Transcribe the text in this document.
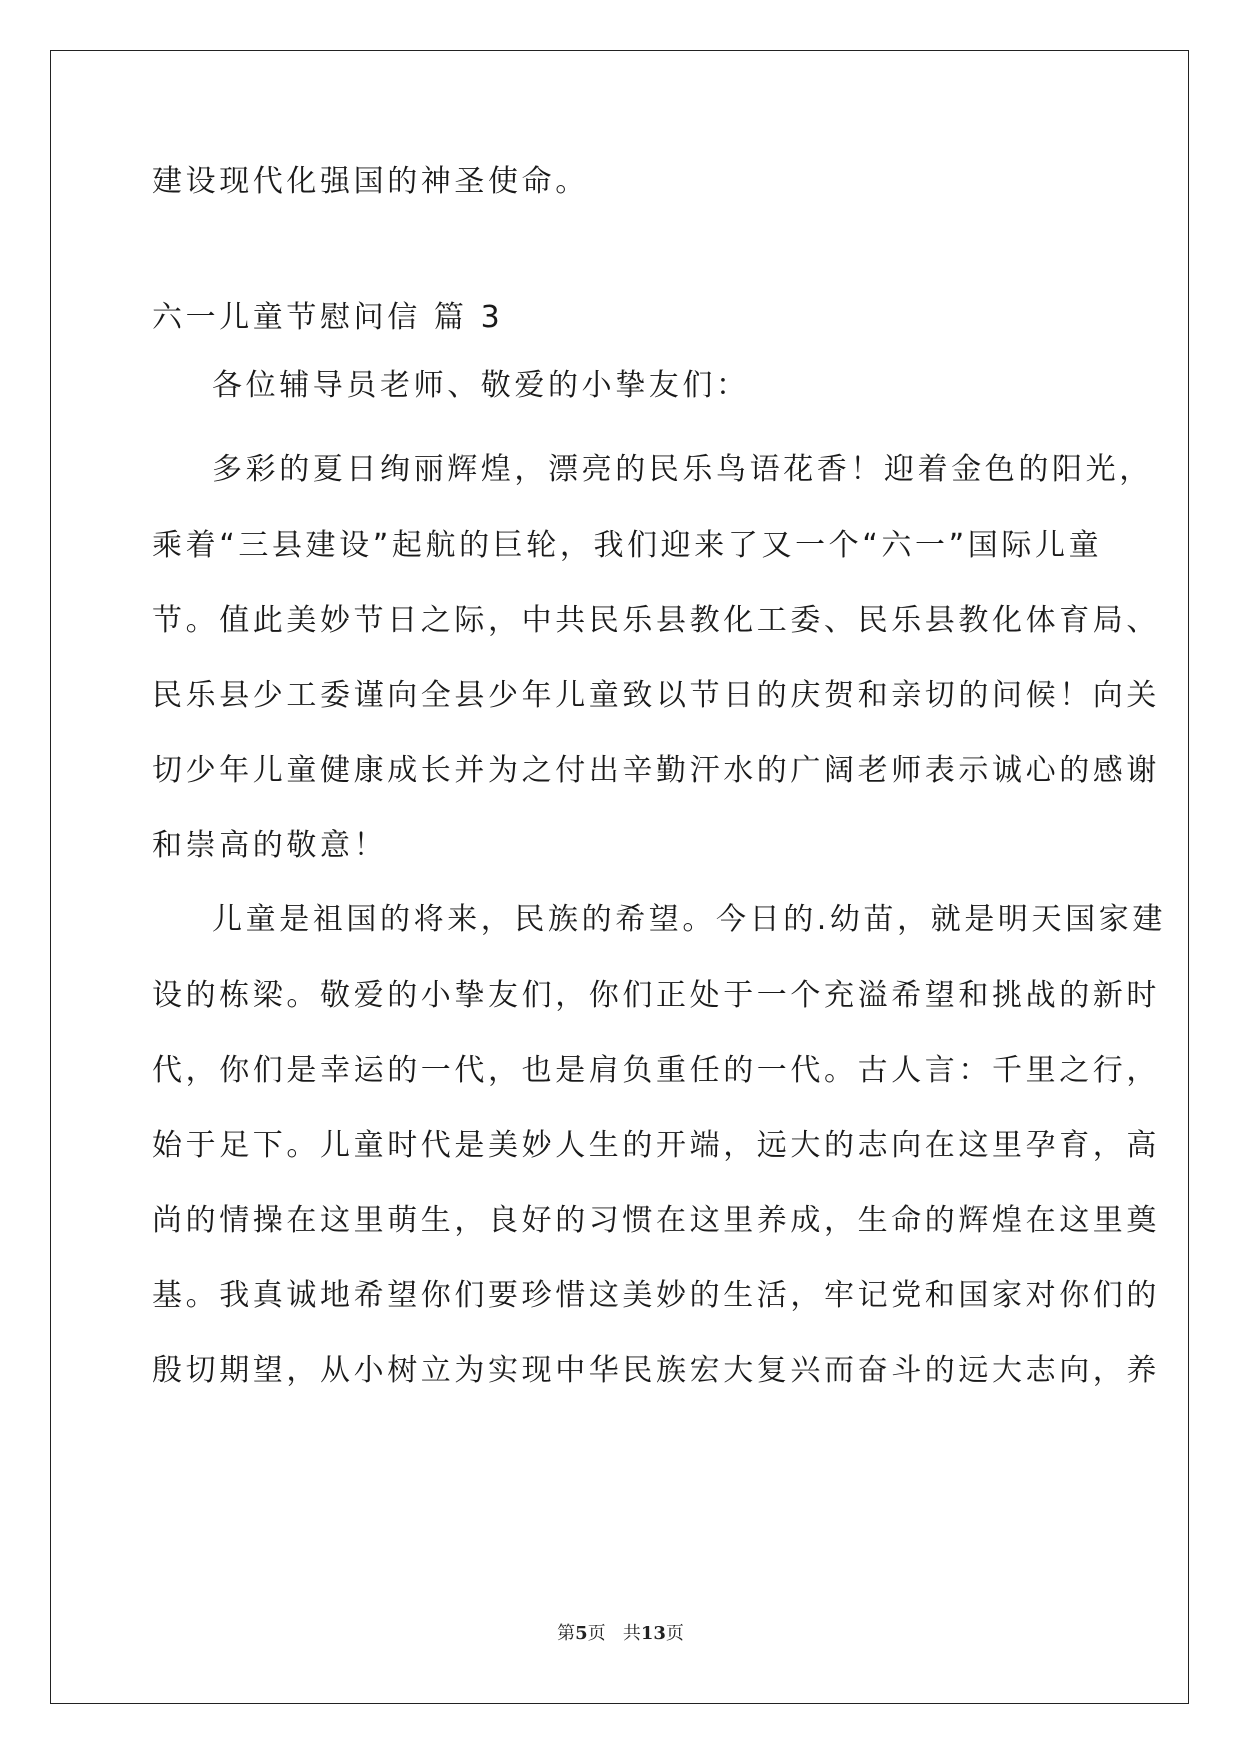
建设现代化强国的神圣使命。
六一儿童节慰问信 篇 3
各位辅导员老师、敬爱的小挚友们：
多彩的夏日绚丽辉煌，漂亮的民乐鸟语花香！迎着金色的阳光，
乘着“三县建设”起航的巨轮，我们迎来了又一个“六一”国际儿童
节。值此美妙节日之际，中共民乐县教化工委、民乐县教化体育局、
民乐县少工委谨向全县少年儿童致以节日的庆贺和亲切的问候！向关
切少年儿童健康成长并为之付出辛勤汗水的广阔老师表示诚心的感谢
和崇高的敬意！
儿童是祖国的将来，民族的希望。今日的.幼苗，就是明天国家建
设的栋梁。敬爱的小挚友们，你们正处于一个充溢希望和挑战的新时
代，你们是幸运的一代，也是肩负重任的一代。古人言：千里之行，
始于足下。儿童时代是美妙人生的开端，远大的志向在这里孕育，高
尚的情操在这里萌生，良好的习惯在这里养成，生命的辉煌在这里奠
基。我真诚地希望你们要珍惜这美妙的生活，牢记党和国家对你们的
殷切期望，从小树立为实现中华民族宏大复兴而奋斗的远大志向，养
第5页 共13页
